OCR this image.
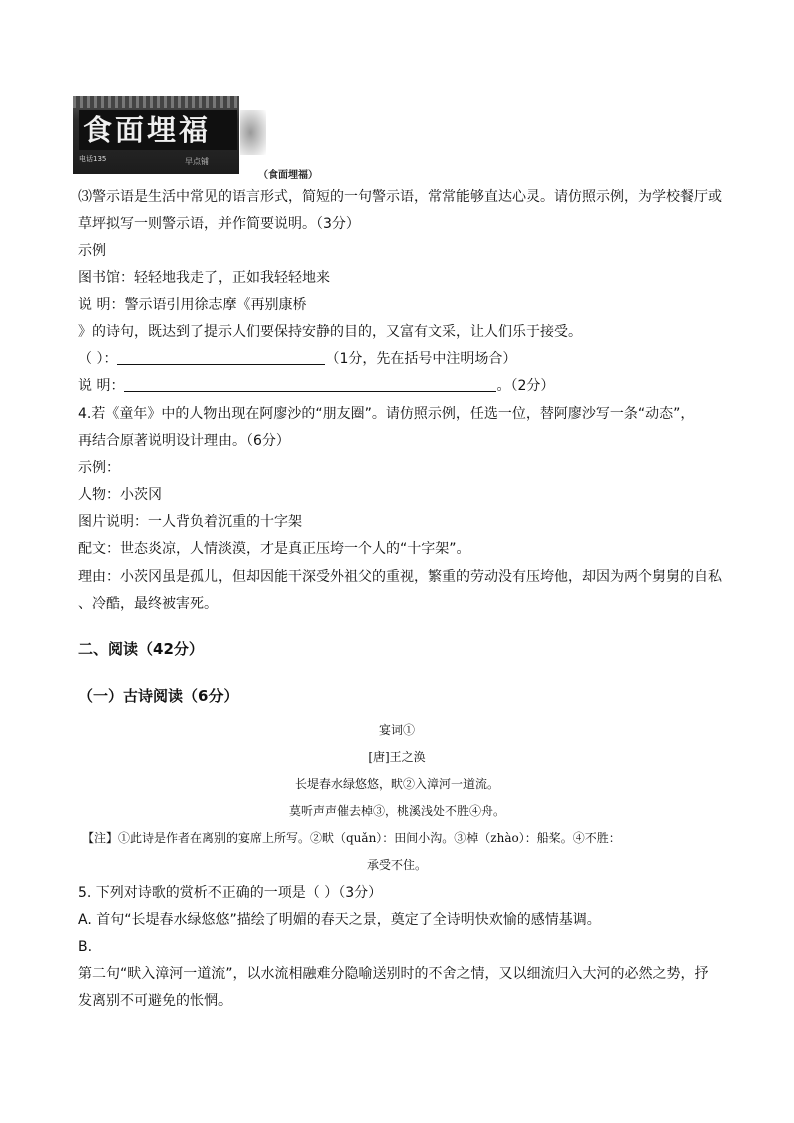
食面埋福
电话135	早点铺
（食面埋福）
⑶警示语是生活中常见的语言形式，简短的一句警示语，常常能够直达心灵。请仿照示例，为学校餐厅或
草坪拟写一则警示语，并作简要说明。（3分）
示例
图书馆：轻轻地我走了，正如我轻轻地来
说 明：警示语引用徐志摩《再别康桥
》的诗句，既达到了提示人们要保持安静的目的，又富有文采，让人们乐于接受。
（ ）：	（1分，先在括号中注明场合）
说 明：	。（2分）
4.若《童年》中的人物出现在阿廖沙的“朋友圈”。请仿照示例，任选一位，替阿廖沙写一条“动态”，
再结合原著说明设计理由。（6分）
示例：
人物：小茨冈
图片说明：一人背负着沉重的十字架
配文：世态炎凉，人情淡漠，才是真正压垮一个人的“十字架”。
理由：小茨冈虽是孤儿，但却因能干深受外祖父的重视，繁重的劳动没有压垮他，却因为两个舅舅的自私
、冷酷，最终被害死。
二、阅读（42分）
（一）古诗阅读（6分）
宴词①
[唐]王之涣
长堤春水绿悠悠，畎②入漳河一道流。
莫听声声催去棹③，桃溪浅处不胜④舟。
【注】①此诗是作者在离别的宴席上所写。②畎（quǎn）：田间小沟。③棹（zhào）：船桨。④不胜：
承受不住。
5. 下列对诗歌的赏析不正确的一项是（ ）（3分）
A. 首句“长堤春水绿悠悠”描绘了明媚的春天之景，奠定了全诗明快欢愉的感情基调。
B.
第二句“畎入漳河一道流”，以水流相融难分隐喻送别时的不舍之情，又以细流归入大河的必然之势，抒
发离别不可避免的怅惘。
